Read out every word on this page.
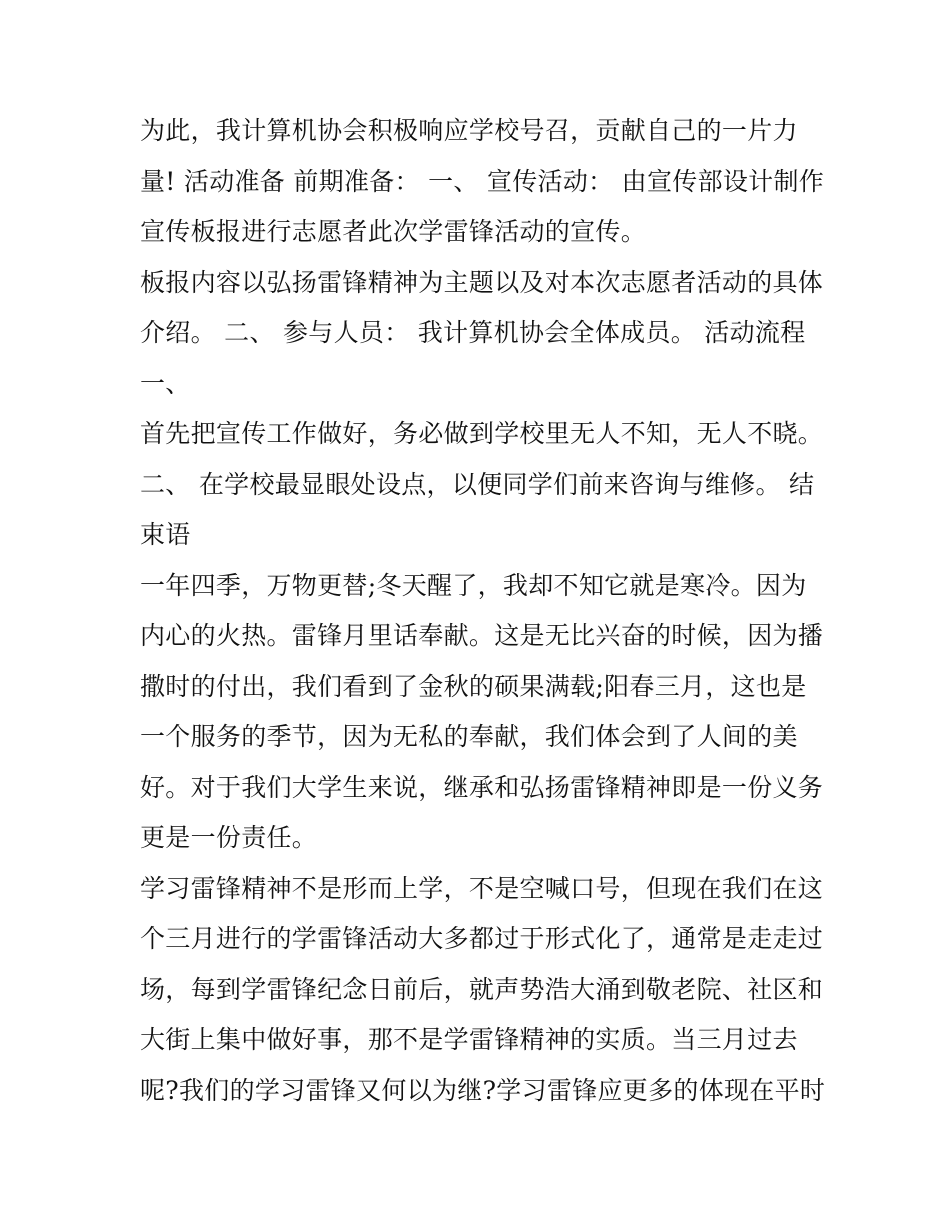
为此，我计算机协会积极响应学校号召，贡献自己的一片力
量! 活动准备 前期准备： 一、 宣传活动： 由宣传部设计制作
宣传板报进行志愿者此次学雷锋活动的宣传。
板报内容以弘扬雷锋精神为主题以及对本次志愿者活动的具体
介绍。 二、 参与人员： 我计算机协会全体成员。 活动流程
一、
首先把宣传工作做好，务必做到学校里无人不知，无人不晓。
二、 在学校最显眼处设点，以便同学们前来咨询与维修。 结
束语
一年四季，万物更替;冬天醒了，我却不知它就是寒冷。因为
内心的火热。雷锋月里话奉献。这是无比兴奋的时候，因为播
撒时的付出，我们看到了金秋的硕果满载;阳春三月，这也是
一个服务的季节，因为无私的奉献，我们体会到了人间的美
好。对于我们大学生来说，继承和弘扬雷锋精神即是一份义务
更是一份责任。
学习雷锋精神不是形而上学，不是空喊口号，但现在我们在这
个三月进行的学雷锋活动大多都过于形式化了，通常是走走过
场，每到学雷锋纪念日前后，就声势浩大涌到敬老院、社区和
大街上集中做好事，那不是学雷锋精神的实质。当三月过去
呢?我们的学习雷锋又何以为继?学习雷锋应更多的体现在平时
